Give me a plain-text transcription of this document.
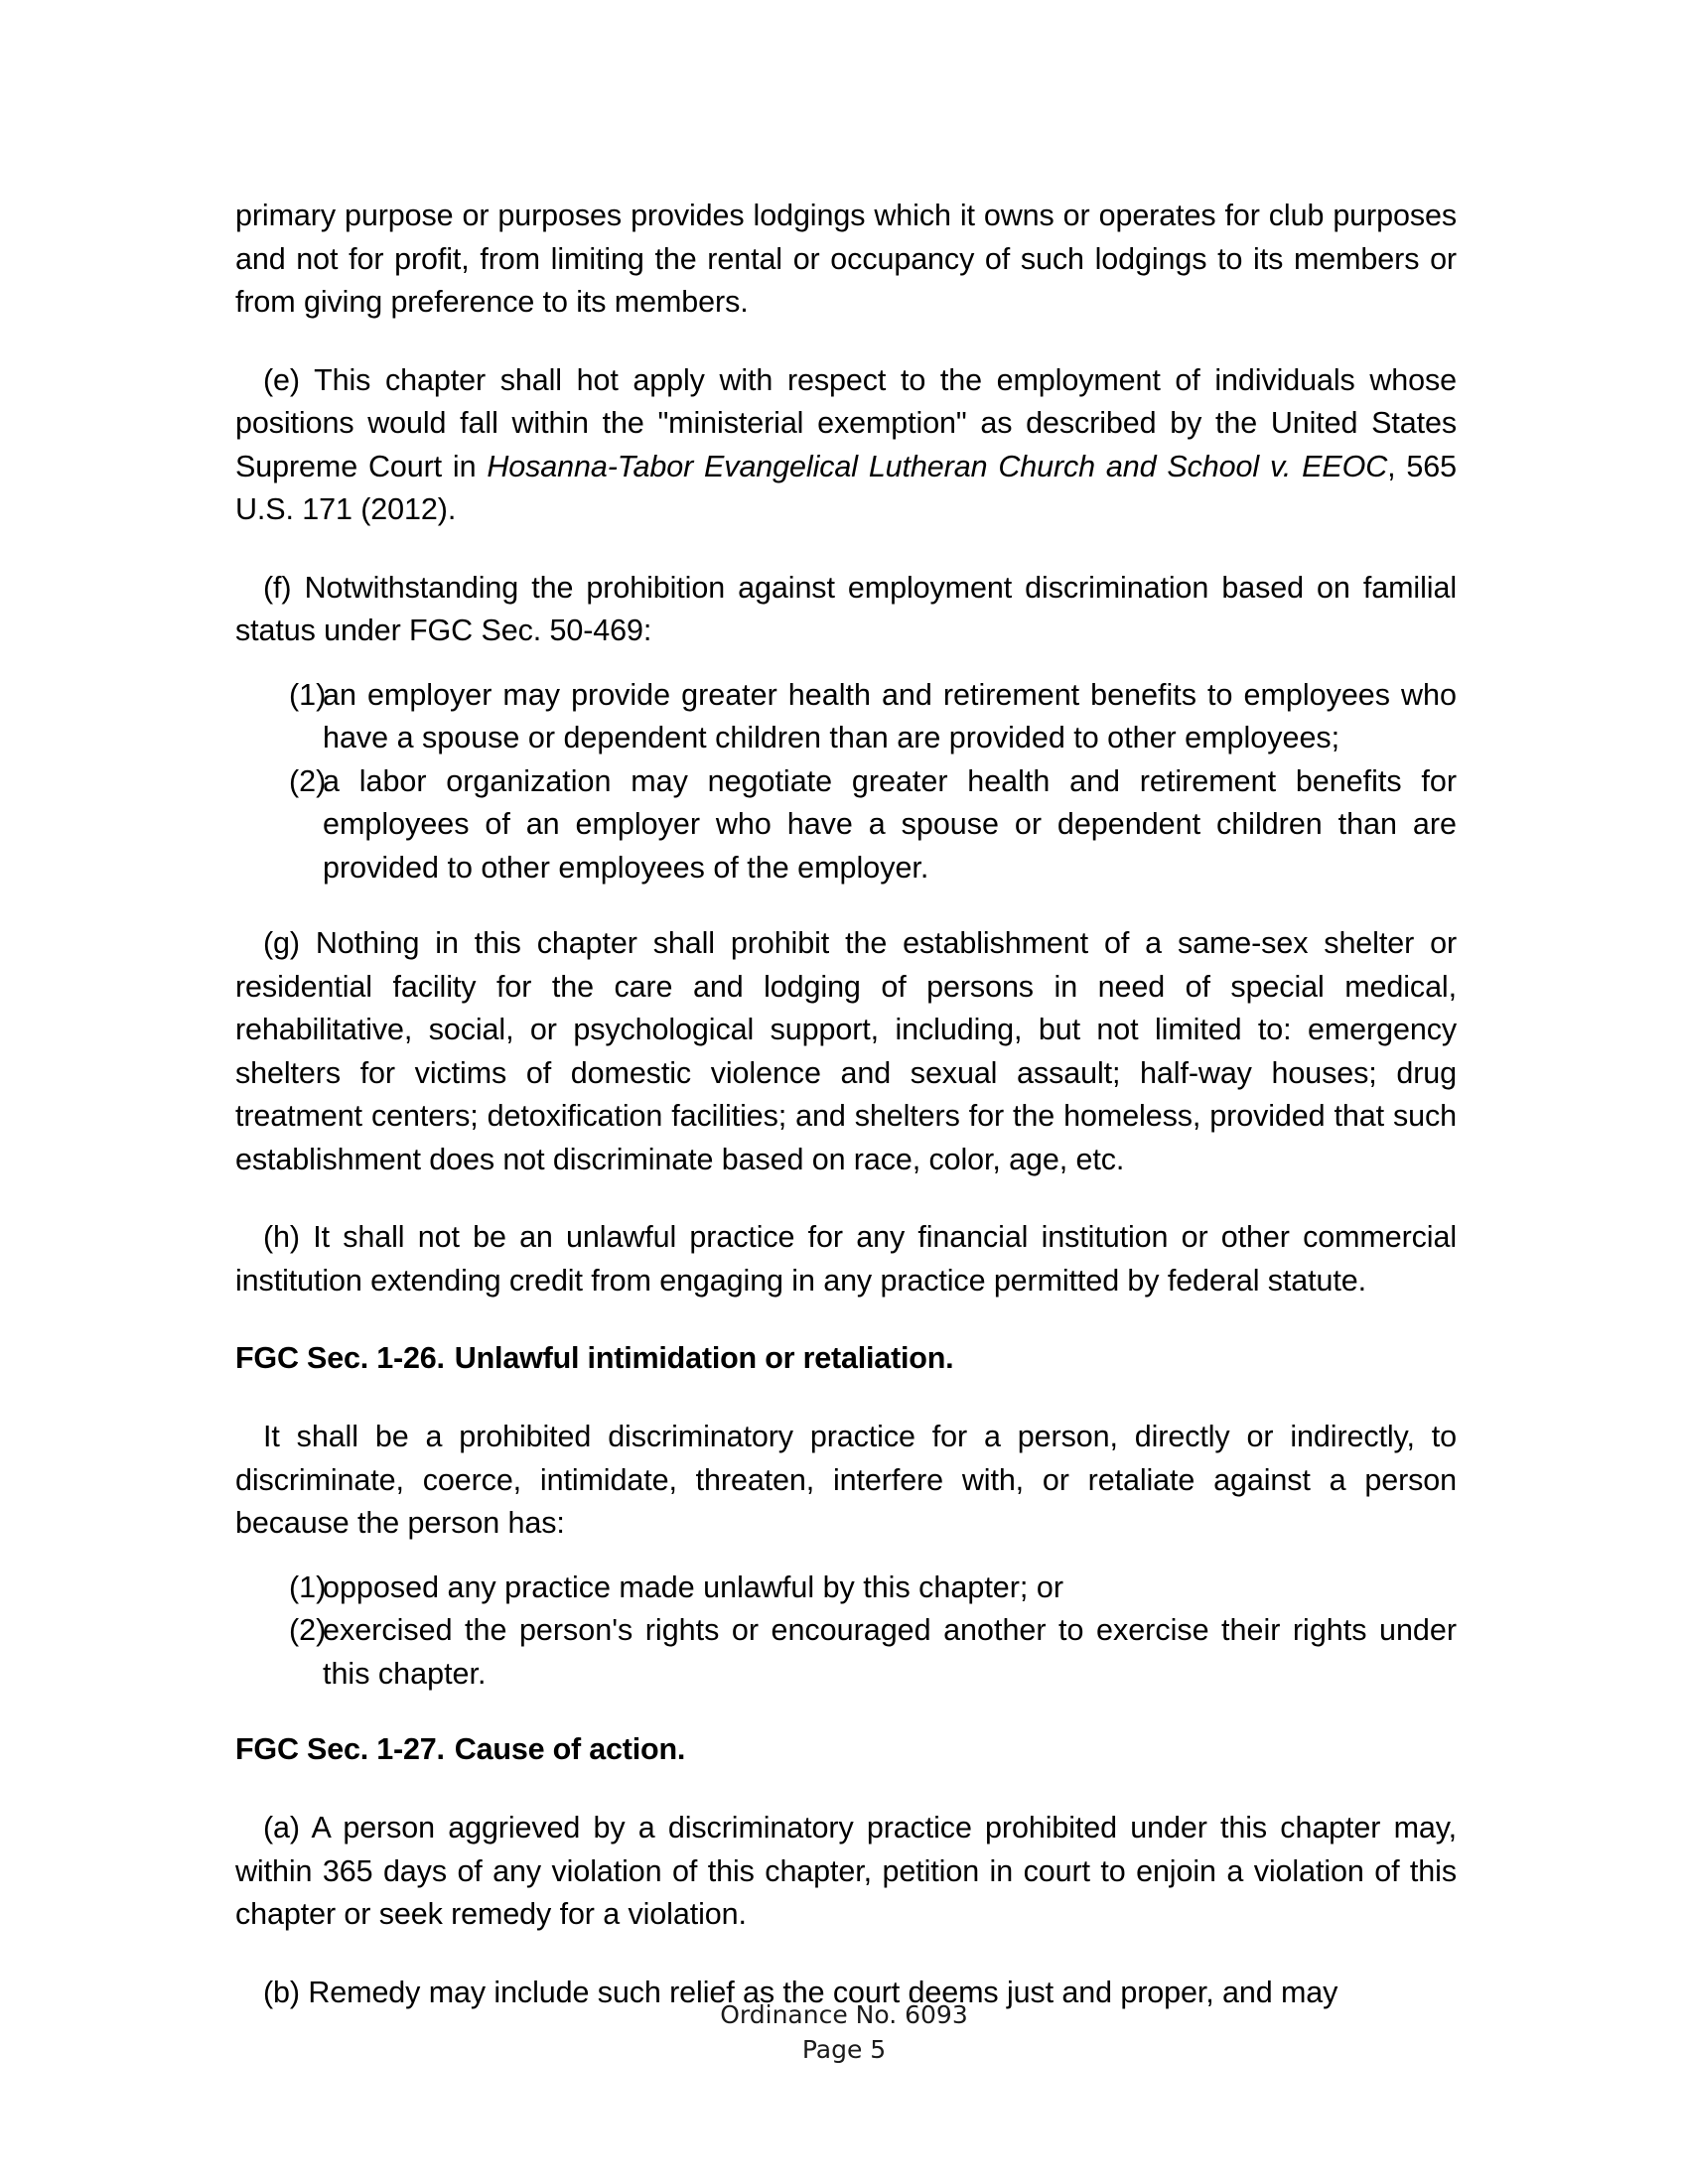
primary purpose or purposes provides lodgings which it owns or operates for club purposes and not for profit, from limiting the rental or occupancy of such lodgings to its members or from giving preference to its members.

(e) This chapter shall hot apply with respect to the employment of individuals whose positions would fall within the "ministerial exemption" as described by the United States Supreme Court in Hosanna-Tabor Evangelical Lutheran Church and School v. EEOC, 565 U.S. 171 (2012).

(f) Notwithstanding the prohibition against employment discrimination based on familial status under FGC Sec. 50-469:

(1)
an employer may provide greater health and retirement benefits to employees who have a spouse or dependent children than are provided to other employees;
(2)
a labor organization may negotiate greater health and retirement benefits for employees of an employer who have a spouse or dependent children than are provided to other employees of the employer.

(g) Nothing in this chapter shall prohibit the establishment of a same-sex shelter or residential facility for the care and lodging of persons in need of special medical, rehabilitative, social, or psychological support, including, but not limited to: emergency shelters for victims of domestic violence and sexual assault; half-way houses; drug treatment centers; detoxification facilities; and shelters for the homeless, provided that such establishment does not discriminate based on race, color, age, etc.

(h) It shall not be an unlawful practice for any financial institution or other commercial institution extending credit from engaging in any practice permitted by federal statute.

FGC Sec. 1-26. Unlawful intimidation or retaliation.

It shall be a prohibited discriminatory practice for a person, directly or indirectly, to discriminate, coerce, intimidate, threaten, interfere with, or retaliate against a person because the person has:

(1)
opposed any practice made unlawful by this chapter; or
(2)
exercised the person's rights or encouraged another to exercise their rights under this chapter.

FGC Sec. 1-27. Cause of action.

(a) A person aggrieved by a discriminatory practice prohibited under this chapter may, within 365 days of any violation of this chapter, petition in court to enjoin a violation of this chapter or seek remedy for a violation.

(b) Remedy may include such relief as the court deems just and proper, and may

Ordinance No. 6093
Page 5
